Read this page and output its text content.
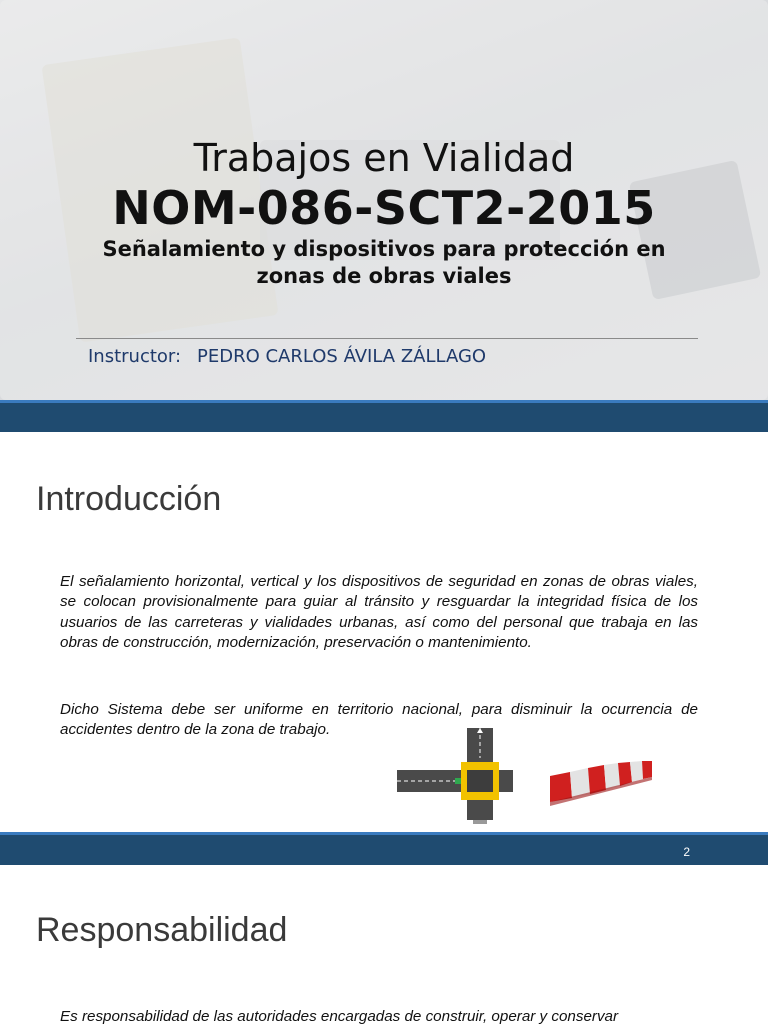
Trabajos en Vialidad
NOM-086-SCT2-2015
Señalamiento y dispositivos para protección en zonas de obras viales
Instructor: PEDRO CARLOS ÁVILA ZÁLLAGO
Introducción
El señalamiento horizontal, vertical y los dispositivos de seguridad en zonas de obras viales, se colocan provisionalmente para guiar al tránsito y resguardar la integridad física de los usuarios de las carreteras y vialidades urbanas, así como del personal que trabaja en las obras de construcción, modernización, preservación o mantenimiento.
Dicho Sistema debe ser uniforme en territorio nacional, para disminuir la ocurrencia de accidentes dentro de la zona de trabajo.
2
Responsabilidad
Es responsabilidad de las autoridades encargadas de construir, operar y conservar
